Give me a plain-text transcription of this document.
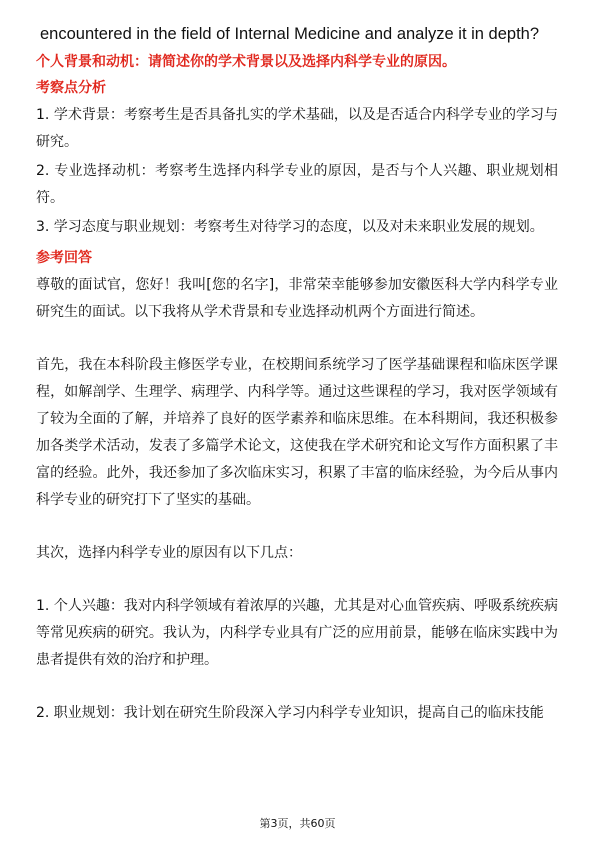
encountered in the field of Internal Medicine and analyze it in depth?

个人背景和动机：请简述你的学术背景以及选择内科学专业的原因。

考察点分析

1. 学术背景：考察考生是否具备扎实的学术基础，以及是否适合内科学专业的学习与研究。

2. 专业选择动机：考察考生选择内科学专业的原因，是否与个人兴趣、职业规划相符。

3. 学习态度与职业规划：考察考生对待学习的态度，以及对未来职业发展的规划。

参考回答

尊敬的面试官，您好！我叫[您的名字]，非常荣幸能够参加安徽医科大学内科学专业研究生的面试。以下我将从学术背景和专业选择动机两个方面进行简述。

首先，我在本科阶段主修医学专业，在校期间系统学习了医学基础课程和临床医学课程，如解剖学、生理学、病理学、内科学等。通过这些课程的学习，我对医学领域有了较为全面的了解，并培养了良好的医学素养和临床思维。在本科期间，我还积极参加各类学术活动，发表了多篇学术论文，这使我在学术研究和论文写作方面积累了丰富的经验。此外，我还参加了多次临床实习，积累了丰富的临床经验，为今后从事内科学专业的研究打下了坚实的基础。

其次，选择内科学专业的原因有以下几点：

1. 个人兴趣：我对内科学领域有着浓厚的兴趣，尤其是对心血管疾病、呼吸系统疾病等常见疾病的研究。我认为，内科学专业具有广泛的应用前景，能够在临床实践中为患者提供有效的治疗和护理。

2. 职业规划：我计划在研究生阶段深入学习内科学专业知识，提高自己的临床技能

第3页，共60页
